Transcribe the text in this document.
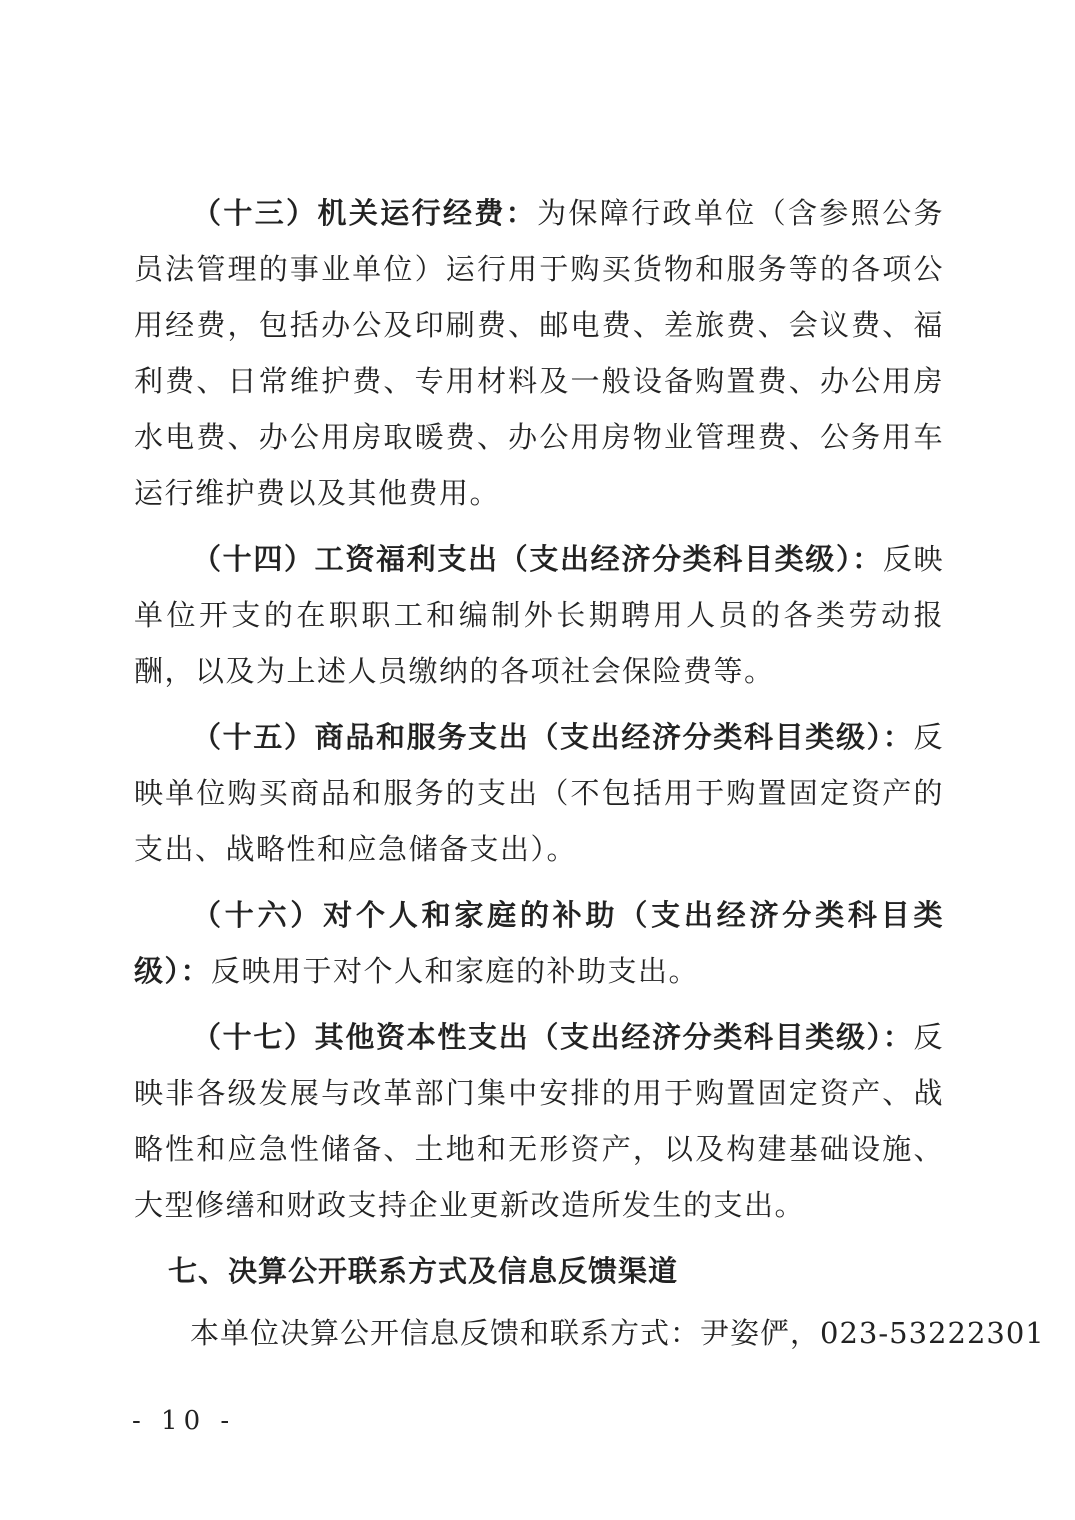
（十三）机关运行经费：为保障行政单位（含参照公务员法管理的事业单位）运行用于购买货物和服务等的各项公用经费，包括办公及印刷费、邮电费、差旅费、会议费、福利费、日常维护费、专用材料及一般设备购置费、办公用房水电费、办公用房取暖费、办公用房物业管理费、公务用车运行维护费以及其他费用。

（十四）工资福利支出（支出经济分类科目类级）：反映单位开支的在职职工和编制外长期聘用人员的各类劳动报酬，以及为上述人员缴纳的各项社会保险费等。

（十五）商品和服务支出（支出经济分类科目类级）：反映单位购买商品和服务的支出（不包括用于购置固定资产的支出、战略性和应急储备支出）。

（十六）对个人和家庭的补助（支出经济分类科目类级）：反映用于对个人和家庭的补助支出。

（十七）其他资本性支出（支出经济分类科目类级）：反映非各级发展与改革部门集中安排的用于购置固定资产、战略性和应急性储备、土地和无形资产，以及构建基础设施、大型修缮和财政支持企业更新改造所发生的支出。

七、决算公开联系方式及信息反馈渠道

本单位决算公开信息反馈和联系方式：尹姿俨，023-53222301

- 10 -
